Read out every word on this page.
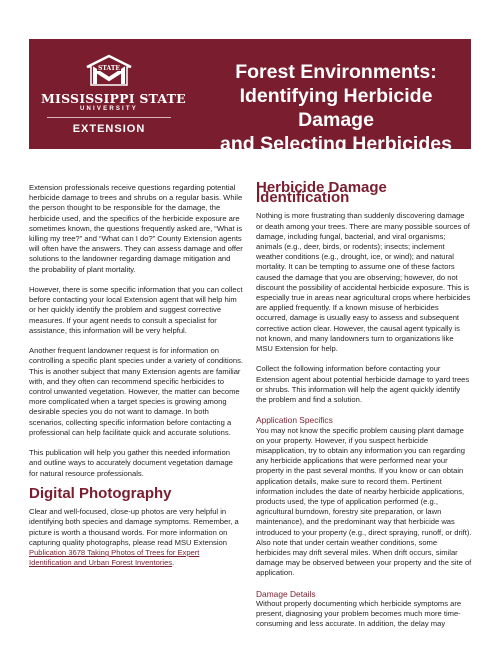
STATE
MISSISSIPPI STATE
UNIVERSITY
EXTENSION
Forest Environments:
Identifying Herbicide Damage
and Selecting Herbicides

Extension professionals receive questions regarding potential herbicide damage to trees and shrubs on a regular basis. While the person thought to be responsible for the damage, the herbicide used, and the specifics of the herbicide exposure are sometimes known, the questions frequently asked are, “What is killing my tree?” and “What can I do?” County Extension agents will often have the answers. They can assess damage and offer solutions to the landowner regarding damage mitigation and the probability of plant mortality.

However, there is some specific information that you can collect before contacting your local Extension agent that will help him or her quickly identify the problem and suggest corrective measures. If your agent needs to consult a specialist for assistance, this information will be very helpful.

Another frequent landowner request is for information on controlling a specific plant species under a variety of conditions. This is another subject that many Extension agents are familiar with, and they often can recommend specific herbicides to control unwanted vegetation. However, the matter can become more complicated when a target species is growing among desirable species you do not want to damage. In both scenarios, collecting specific information before contacting a professional can help facilitate quick and accurate solutions.

This publication will help you gather this needed information and outline ways to accurately document vegetation damage for natural resource professionals.

Digital Photography

Clear and well-focused, close-up photos are very helpful in identifying both species and damage symptoms. Remember, a picture is worth a thousand words. For more information on capturing quality photographs, please read MSU Extension Publication 3678 Taking Photos of Trees for Expert Identification and Urban Forest Inventories.

Herbicide Damage Identification

Nothing is more frustrating than suddenly discovering damage or death among your trees. There are many possible sources of damage, including fungal, bacterial, and viral organisms; animals (e.g., deer, birds, or rodents); insects; inclement weather conditions (e.g., drought, ice, or wind); and natural mortality. It can be tempting to assume one of these factors caused the damage that you are observing; however, do not discount the possibility of accidental herbicide exposure. This is especially true in areas near agricultural crops where herbicides are applied frequently. If a known misuse of herbicides occurred, damage is usually easy to assess and subsequent corrective action clear. However, the causal agent typically is not known, and many landowners turn to organizations like MSU Extension for help.

Collect the following information before contacting your Extension agent about potential herbicide damage to yard trees or shrubs. This information will help the agent quickly identify the problem and find a solution.

Application Specifics

You may not know the specific problem causing plant damage on your property. However, if you suspect herbicide misapplication, try to obtain any information you can regarding any herbicide applications that were performed near your property in the past several months. If you know or can obtain application details, make sure to record them. Pertinent information includes the date of nearby herbicide applications, products used, the type of application performed (e.g., agricultural burndown, forestry site preparation, or lawn maintenance), and the predominant way that herbicide was introduced to your property (e.g., direct spraying, runoff, or drift). Also note that under certain weather conditions, some herbicides may drift several miles. When drift occurs, similar damage may be observed between your property and the site of application.

Damage Details

Without properly documenting which herbicide symptoms are present, diagnosing your problem becomes much more time-consuming and less accurate. In addition, the delay may
